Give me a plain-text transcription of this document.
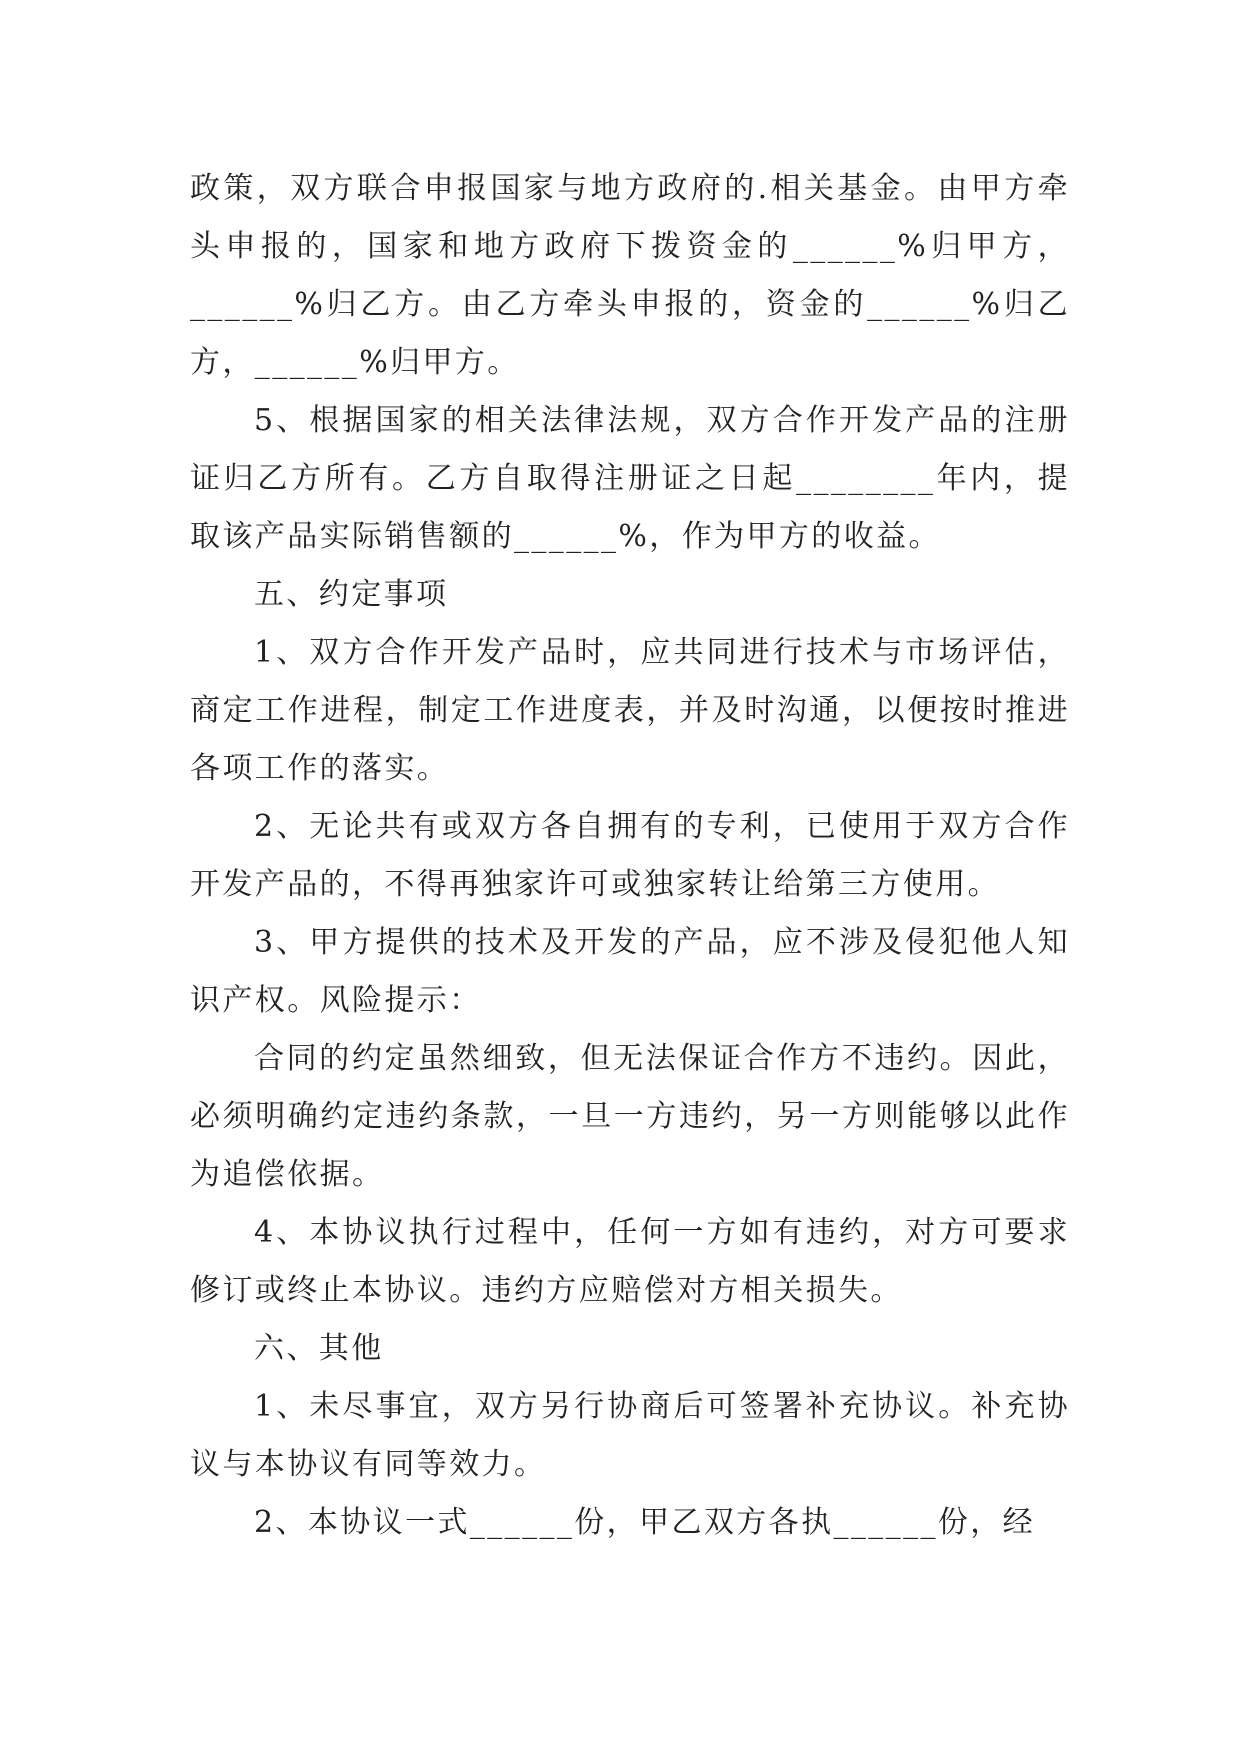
政策，双方联合申报国家与地方政府的.相关基金。由甲方牵头申报的，国家和地方政府下拨资金的______%归甲方，______%归乙方。由乙方牵头申报的，资金的______%归乙方，______%归甲方。

5、根据国家的相关法律法规，双方合作开发产品的注册证归乙方所有。乙方自取得注册证之日起________年内，提取该产品实际销售额的______%，作为甲方的收益。

五、约定事项

1、双方合作开发产品时，应共同进行技术与市场评估，商定工作进程，制定工作进度表，并及时沟通，以便按时推进各项工作的落实。

2、无论共有或双方各自拥有的专利，已使用于双方合作开发产品的，不得再独家许可或独家转让给第三方使用。

3、甲方提供的技术及开发的产品，应不涉及侵犯他人知识产权。风险提示：

合同的约定虽然细致，但无法保证合作方不违约。因此，必须明确约定违约条款，一旦一方违约，另一方则能够以此作为追偿依据。

4、本协议执行过程中，任何一方如有违约，对方可要求修订或终止本协议。违约方应赔偿对方相关损失。

六、其他

1、未尽事宜，双方另行协商后可签署补充协议。补充协议与本协议有同等效力。

2、本协议一式______份，甲乙双方各执______份，经
